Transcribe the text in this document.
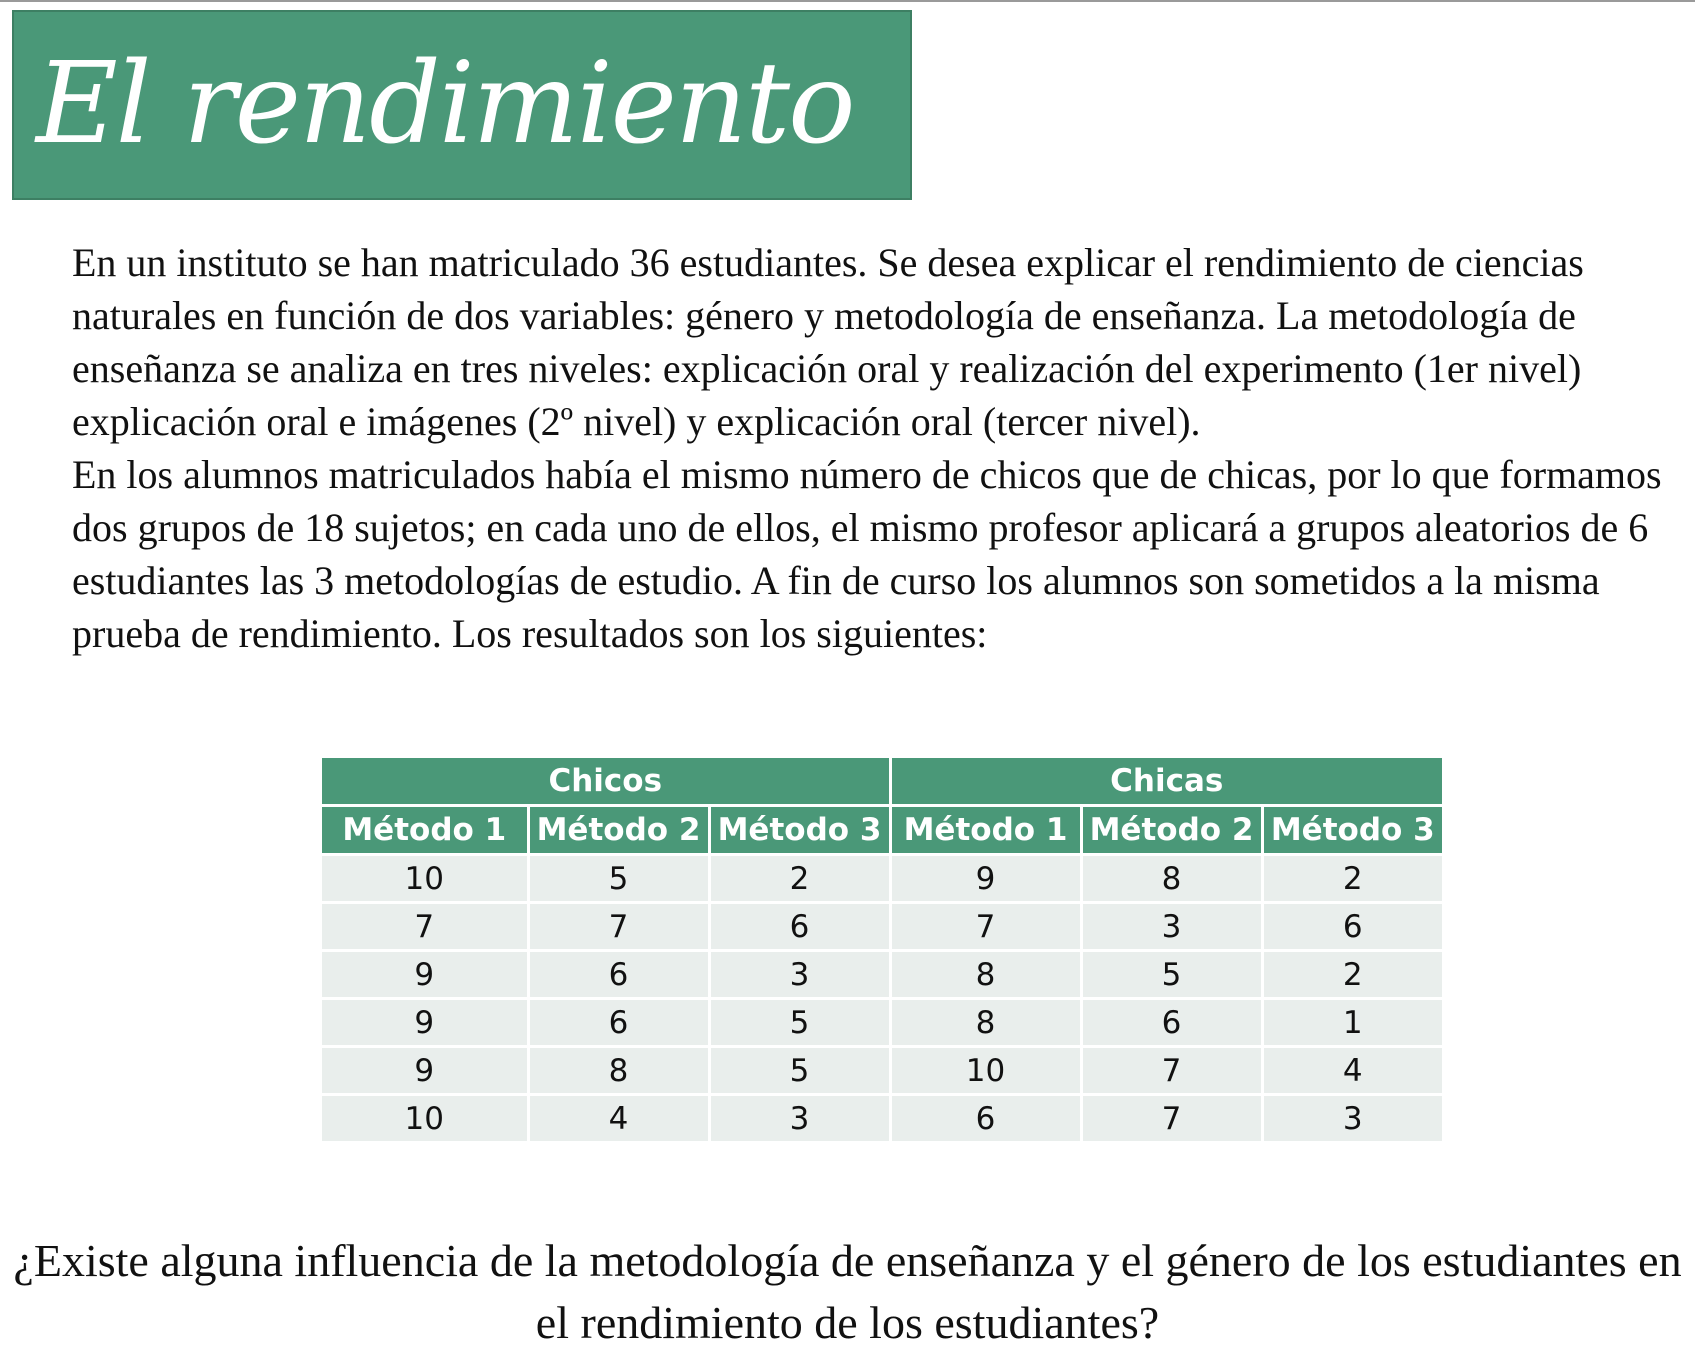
El rendimiento

En un instituto se han matriculado 36 estudiantes. Se desea explicar el rendimiento de ciencias naturales en función de dos variables: género y metodología de enseñanza. La metodología de enseñanza se analiza en tres niveles: explicación oral y realización del experimento (1er nivel) explicación oral e imágenes (2º nivel) y explicación oral (tercer nivel).

En los alumnos matriculados había el mismo número de chicos que de chicas, por lo que formamos dos grupos de 18 sujetos; en cada uno de ellos, el mismo profesor aplicará a grupos aleatorios de 6 estudiantes las 3 metodologías de estudio. A fin de curso los alumnos son sometidos a la misma prueba de rendimiento. Los resultados son los siguientes:

Chicos			Chicas		
Método 1	Método 2	Método 3	Método 1	Método 2	Método 3
10	5	2	9	8	2
7	7	6	7	3	6
9	6	3	8	5	2
9	6	5	8	6	1
9	8	5	10	7	4
10	4	3	6	7	3

¿Existe alguna influencia de la metodología de enseñanza y el género de los estudiantes en el rendimiento de los estudiantes?
